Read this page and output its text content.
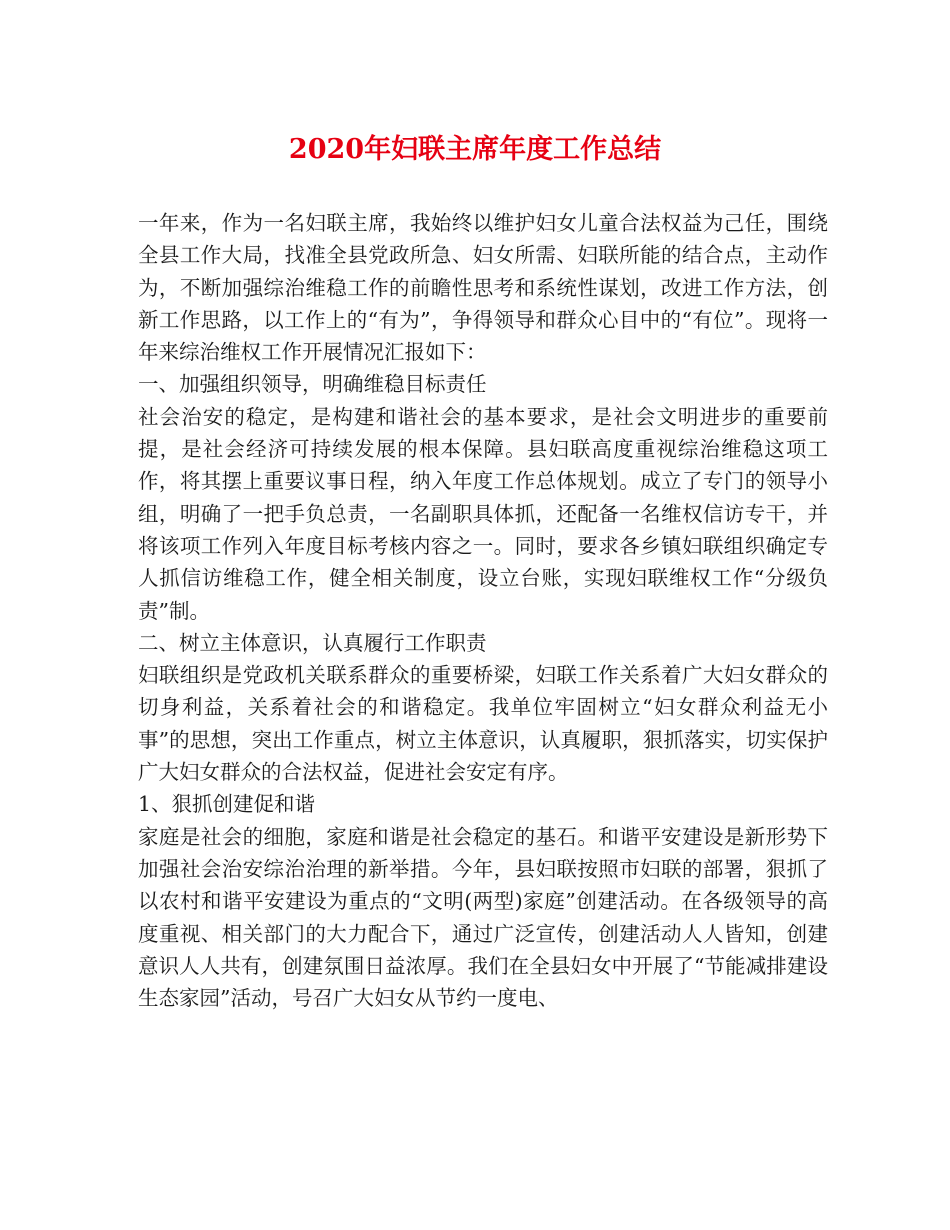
2020年妇联主席年度工作总结

一年来，作为一名妇联主席，我始终以维护妇女儿童合法权益为己任，围绕全县工作大局，找准全县党政所急、妇女所需、妇联所能的结合点，主动作为，不断加强综治维稳工作的前瞻性思考和系统性谋划，改进工作方法，创新工作思路，以工作上的“有为”，争得领导和群众心目中的“有位”。现将一年来综治维权工作开展情况汇报如下：

一、加强组织领导，明确维稳目标责任

社会治安的稳定，是构建和谐社会的基本要求，是社会文明进步的重要前提，是社会经济可持续发展的根本保障。县妇联高度重视综治维稳这项工作，将其摆上重要议事日程，纳入年度工作总体规划。成立了专门的领导小组，明确了一把手负总责，一名副职具体抓，还配备一名维权信访专干，并将该项工作列入年度目标考核内容之一。同时，要求各乡镇妇联组织确定专人抓信访维稳工作，健全相关制度，设立台账，实现妇联维权工作“分级负责”制。

二、树立主体意识，认真履行工作职责

妇联组织是党政机关联系群众的重要桥梁，妇联工作关系着广大妇女群众的切身利益，关系着社会的和谐稳定。我单位牢固树立“妇女群众利益无小事”的思想，突出工作重点，树立主体意识，认真履职，狠抓落实，切实保护广大妇女群众的合法权益，促进社会安定有序。

1、狠抓创建促和谐

家庭是社会的细胞，家庭和谐是社会稳定的基石。和谐平安建设是新形势下加强社会治安综治治理的新举措。今年，县妇联按照市妇联的部署，狠抓了以农村和谐平安建设为重点的“文明(两型)家庭”创建活动。在各级领导的高度重视、相关部门的大力配合下，通过广泛宣传，创建活动人人皆知，创建意识人人共有，创建氛围日益浓厚。我们在全县妇女中开展了“节能减排建设生态家园”活动，号召广大妇女从节约一度电、
